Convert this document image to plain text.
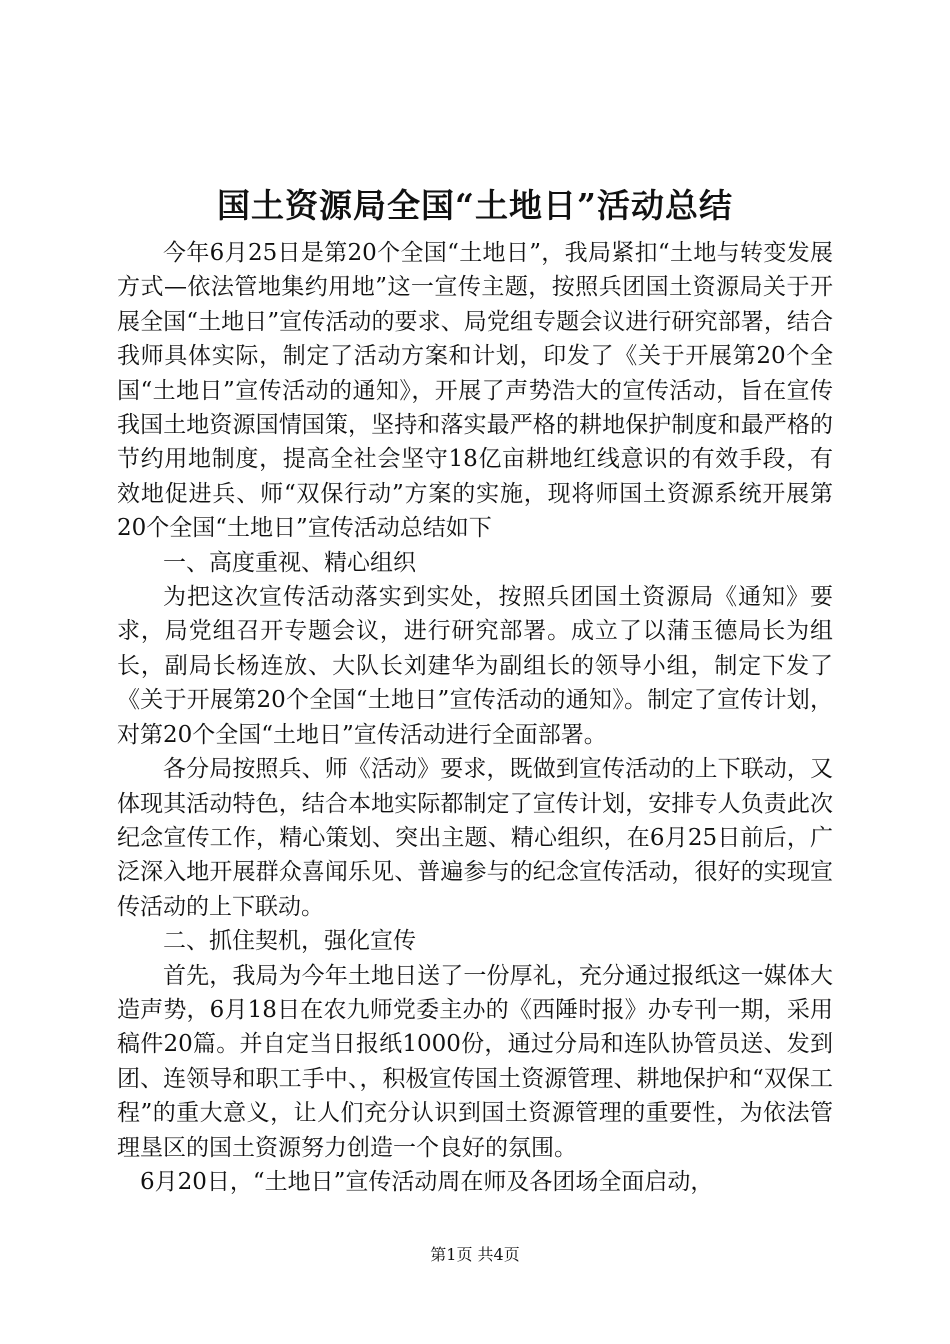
国土资源局全国“土地日”活动总结

今年6月25日是第20个全国“土地日”，我局紧扣“土地与转变发展方式—依法管地集约用地”这一宣传主题，按照兵团国土资源局关于开展全国“土地日”宣传活动的要求、局党组专题会议进行研究部署，结合我师具体实际，制定了活动方案和计划，印发了《关于开展第20个全国“土地日”宣传活动的通知》，开展了声势浩大的宣传活动，旨在宣传我国土地资源国情国策，坚持和落实最严格的耕地保护制度和最严格的节约用地制度，提高全社会坚守18亿亩耕地红线意识的有效手段，有效地促进兵、师“双保行动”方案的实施，现将师国土资源系统开展第20个全国“土地日”宣传活动总结如下

一、高度重视、精心组织

为把这次宣传活动落实到实处，按照兵团国土资源局《通知》要求，局党组召开专题会议，进行研究部署。成立了以蒲玉德局长为组长，副局长杨连放、大队长刘建华为副组长的领导小组，制定下发了《关于开展第20个全国“土地日”宣传活动的通知》。制定了宣传计划，对第20个全国“土地日”宣传活动进行全面部署。

各分局按照兵、师《活动》要求，既做到宣传活动的上下联动，又体现其活动特色，结合本地实际都制定了宣传计划，安排专人负责此次纪念宣传工作，精心策划、突出主题、精心组织，在6月25日前后，广泛深入地开展群众喜闻乐见、普遍参与的纪念宣传活动，很好的实现宣传活动的上下联动。

二、抓住契机，强化宣传

首先，我局为今年土地日送了一份厚礼，充分通过报纸这一媒体大造声势，6月18日在农九师党委主办的《西陲时报》办专刊一期，采用稿件20篇。并自定当日报纸1000份，通过分局和连队协管员送、发到团、连领导和职工手中、，积极宣传国土资源管理、耕地保护和“双保工程”的重大意义，让人们充分认识到国土资源管理的重要性，为依法管理垦区的国土资源努力创造一个良好的氛围。

6月20日，“土地日”宣传活动周在师及各团场全面启动，

第1页 共4页
